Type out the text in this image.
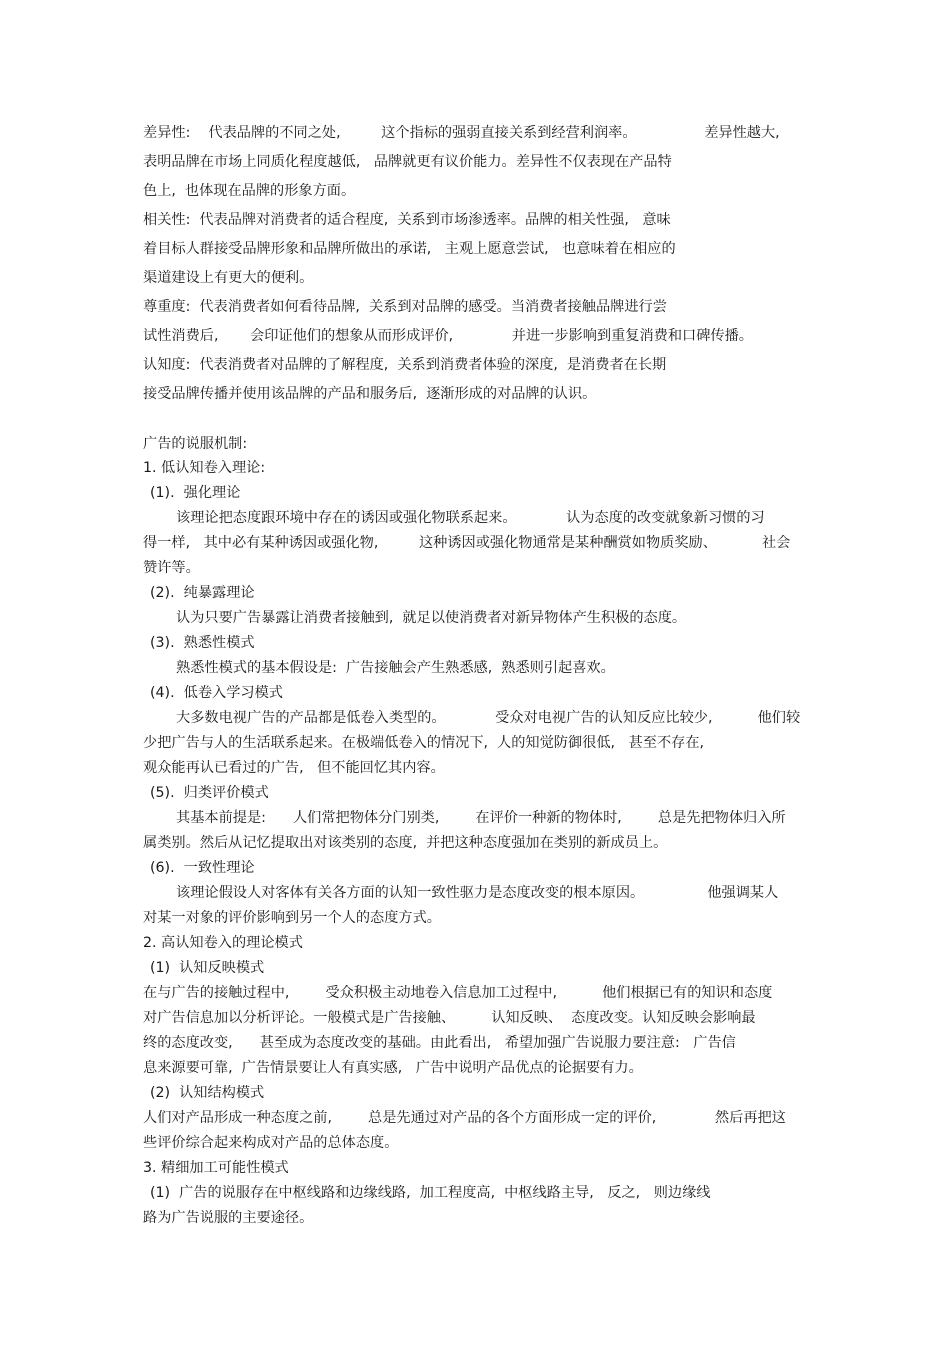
差异性:    代表品牌的不同之处,         这个指标的强弱直接关系到经营利润率。               差异性越大,
表明品牌在市场上同质化程度越低,   品牌就更有议价能力。差异性不仅表现在产品特
色上,  也体现在品牌的形象方面。
相关性:  代表品牌对消费者的适合程度,  关系到市场渗透率。品牌的相关性强,   意味
着目标人群接受品牌形象和品牌所做出的承诺,   主观上愿意尝试,   也意味着在相应的
渠道建设上有更大的便利。
尊重度:  代表消费者如何看待品牌,  关系到对品牌的感受。当消费者接触品牌进行尝
试性消费后,       会印证他们的想象从而形成评价,             并进一步影响到重复消费和口碑传播。
认知度:  代表消费者对品牌的了解程度,  关系到消费者体验的深度,  是消费者在长期
接受品牌传播并使用该品牌的产品和服务后,  逐渐形成的对品牌的认识。
广告的说服机制:
1. 低认知卷入理论:
(1).  强化理论
该理论把态度跟环境中存在的诱因或强化物联系起来。           认为态度的改变就象新习惯的习
得一样,   其中必有某种诱因或强化物,         这种诱因或强化物通常是某种酬赏如物质奖励、          社会
赞许等。
(2).  纯暴露理论
认为只要广告暴露让消费者接触到,  就足以使消费者对新异物体产生积极的态度。
(3).  熟悉性模式
熟悉性模式的基本假设是:  广告接触会产生熟悉感,  熟悉则引起喜欢。
(4).  低卷入学习模式
大多数电视广告的产品都是低卷入类型的。           受众对电视广告的认知反应比较少,          他们较
少把广告与人的生活联系起来。在极端低卷入的情况下,  人的知觉防御很低,   甚至不存在,
观众能再认已看过的广告,   但不能回忆其内容。
(5).  归类评价模式
其基本前提是:      人们常把物体分门别类,        在评价一种新的物体时,        总是先把物体归入所
属类别。然后从记忆提取出对该类别的态度,  并把这种态度强加在类别的新成员上。
(6).  一致性理论
该理论假设人对客体有关各方面的认知一致性驱力是态度改变的根本原因。              他强调某人
对某一对象的评价影响到另一个人的态度方式。
2. 高认知卷入的理论模式
(1)  认知反映模式
在与广告的接触过程中,        受众积极主动地卷入信息加工过程中,          他们根据已有的知识和态度
对广告信息加以分析评论。一般模式是广告接触、        认知反映、  态度改变。认知反映会影响最
终的态度改变,      甚至成为态度改变的基础。由此看出,   希望加强广告说服力要注意:   广告信
息来源要可靠,  广告情景要让人有真实感,   广告中说明产品优点的论据要有力。
(2)  认知结构模式
人们对产品形成一种态度之前,        总是先通过对产品的各个方面形成一定的评价,             然后再把这
些评价综合起来构成对产品的总体态度。
3. 精细加工可能性模式
(1)  广告的说服存在中枢线路和边缘线路,  加工程度高,  中枢线路主导,   反之,   则边缘线
路为广告说服的主要途径。
